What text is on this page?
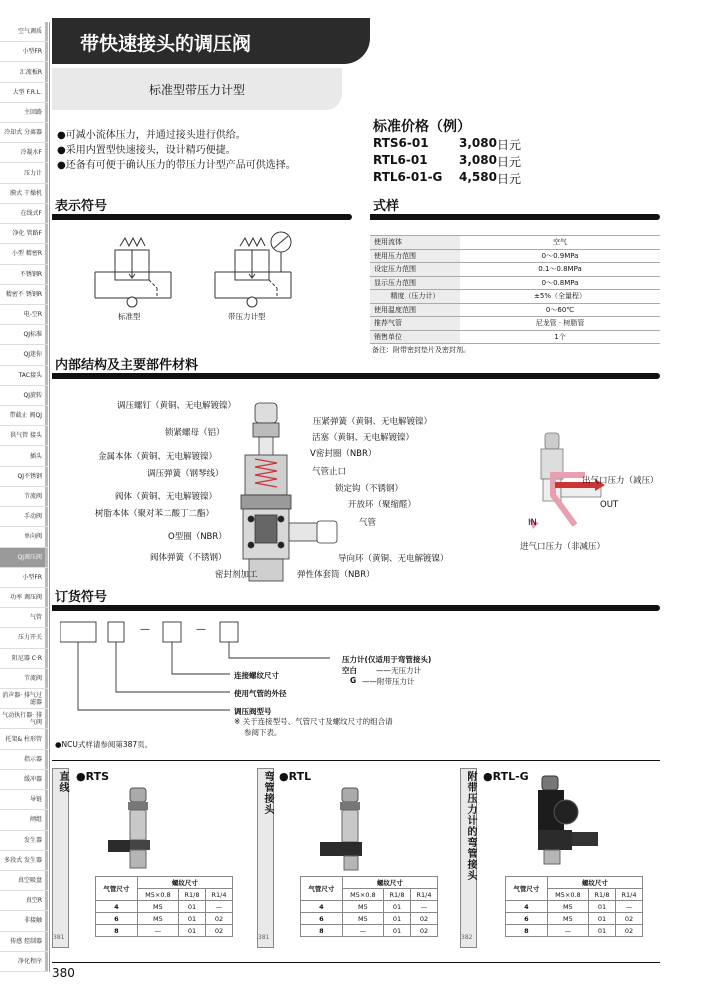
空气调质
小型FR
汇流板R
大型 F.R.L.
主回路
冷却式 分离器
冷凝水F
压力计
膜式 干燥机
在线式F
净化 管路F
小型 精密R
不锈钢R
精密不 锈钢R
电-空R
QJ标准
QJ迷你
TAC接头
QJ旋转
带截止 阀QJ
供气管 接头
插头
QJ不锈钢
节流阀
手动阀
单向阀
QJ调压阀
小型FR
功率 调压阀
气管
压力开关
阻尼器 C·R
节流阀
消声器· 排气过滤器
气动执行器· 排气阀
托架& 柱形管
指示器
缓冲器
导链
闸组
发生器
多段式 发生器
真空吸盘
真空R
非接触
传感 控制器
净化程序
带快速接头的调压阀
标准型带压力计型
●可减小流体压力，并通过接头进行供给。
●采用内置型快速接头，设计精巧便捷。
●还备有可便于确认压力的带压力计型产品可供选择。
标准价格（例）
RTS6-01	3,080 日元
RTL6-01	3,080 日元
RTL6-01-G	4,580 日元
表示符号
标准型	带压力计型
式样
使用流体	空气
使用压力范围	0～0.9MPa
设定压力范围	0.1～0.8MPa
显示压力范围	0～0.8MPa
精度（压力计）	±5%（全量程）
使用温度范围	0～60℃
推荐气管	尼龙管 · 树脂管
销售单位	1个
备注：附带密封垫片及密封剂。
内部结构及主要部件材料
调压螺钉（黄铜、无电解镀镍）
锁紧螺母（铝）
金属本体（黄铜、无电解镀镍）
调压弹簧（钢琴线）
阀体（黄铜、无电解镀镍）
树脂本体（聚对苯二酸丁二酯）
O型圈（NBR）
阀体弹簧（不锈钢）
密封剂加工
压紧弹簧（黄铜、无电解镀镍）
活塞（黄铜、无电解镀镍）
V密封圈（NBR）
气管止口
锁定钩（不锈钢）
开放环（聚缩醛）
气管
导向环（黄铜、无电解镀镍）
弹性体套筒（NBR）
出气口压力（减压）
OUT
IN
进气口压力（非减压）
订货符号
—	—
压力计(仅适用于弯管接头)
空白	——无压力计
G ——附带压力计
连接螺纹尺寸
使用气管的外径
调压阀型号
※ 关于连接型号、气管尺寸及螺纹尺寸的组合请
参阅下表。
●NCU式样请参阅第387页。
直线
381
●RTS	弯管接头
381
●RTL	附带压力计的弯管接头
382
●RTL-G
气管尺寸	螺纹尺寸		
	M5×0.8	R1/8	R1/4
4	M5	01	—
6	M5	01	02
8	—	01	02
气管尺寸	螺纹尺寸		
	M5×0.8	R1/8	R1/4
4	M5	01	—
6	M5	01	02
8	—	01	02
气管尺寸	螺纹尺寸		
	M5×0.8	R1/8	R1/4
4	M5	01	—
6	M5	01	02
8	—	01	02
380
